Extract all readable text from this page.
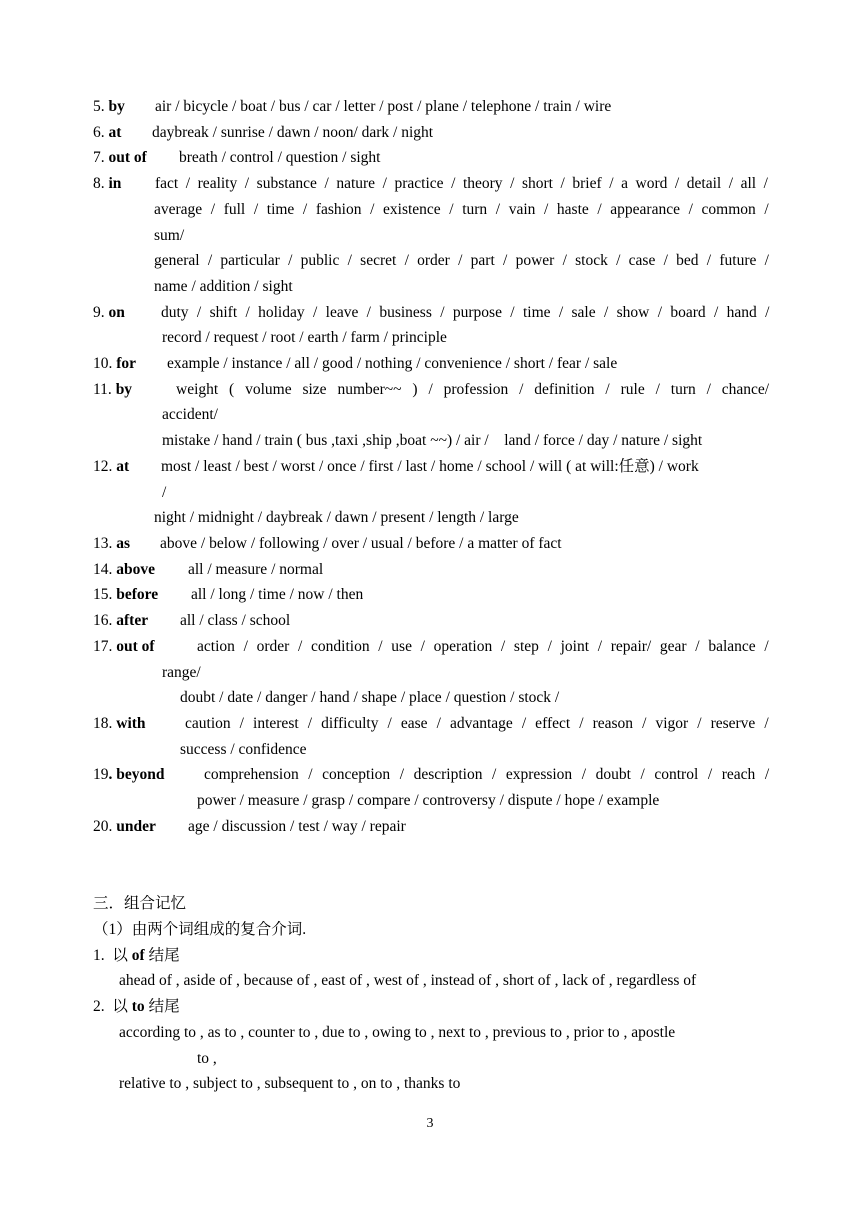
5. by air / bicycle / boat / bus / car / letter / post / plane / telephone / train / wire
6. at daybreak / sunrise / dawn / noon/ dark / night
7. out of breath / control / question / sight
8. in fact / reality / substance / nature / practice / theory / short / brief / a word / detail / all /
average / full / time / fashion / existence / turn / vain / haste / appearance / common /
sum/
general / particular / public / secret / order / part / power / stock / case / bed / future /
name / addition / sight
9. on duty / shift / holiday / leave / business / purpose / time / sale / show / board / hand /
record / request / root / earth / farm / principle
10. for example / instance / all / good / nothing / convenience / short / fear / sale
11. by	weight ( volume size number~~ ) / profession / definition / rule / turn / chance/
accident/
mistake / hand / train ( bus ,taxi ,ship ,boat ~~) / air /    land / force / day / nature / sight
12. at most / least / best / worst / once / first / last / home / school / will ( at will:任意) / work
/
night / midnight / daybreak / dawn / present / length / large
13. as above / below / following / over / usual / before / a matter of fact
14. above all / measure / normal
15. before all / long / time / now / then
16. after all / class / school
17. out of	action / order / condition / use / operation / step / joint / repair/ gear / balance /
range/
doubt / date / danger / hand / shape / place / question / stock /
18. with	caution / interest / difficulty / ease / advantage / effect / reason / vigor / reserve /
success / confidence
19. beyond	comprehension / conception / description / expression / doubt / control / reach /
power / measure / grasp / compare / controversy / dispute / hope / example
20. under age / discussion / test / way / repair
三．组合记忆
（1）由两个词组成的复合介词.
1.  以 of 结尾
ahead of , aside of , because of , east of , west of , instead of , short of , lack of , regardless of
2.  以 to 结尾
according to , as to , counter to , due to , owing to , next to , previous to , prior to , apostle
to ,
relative to , subject to , subsequent to , on to , thanks to
3
